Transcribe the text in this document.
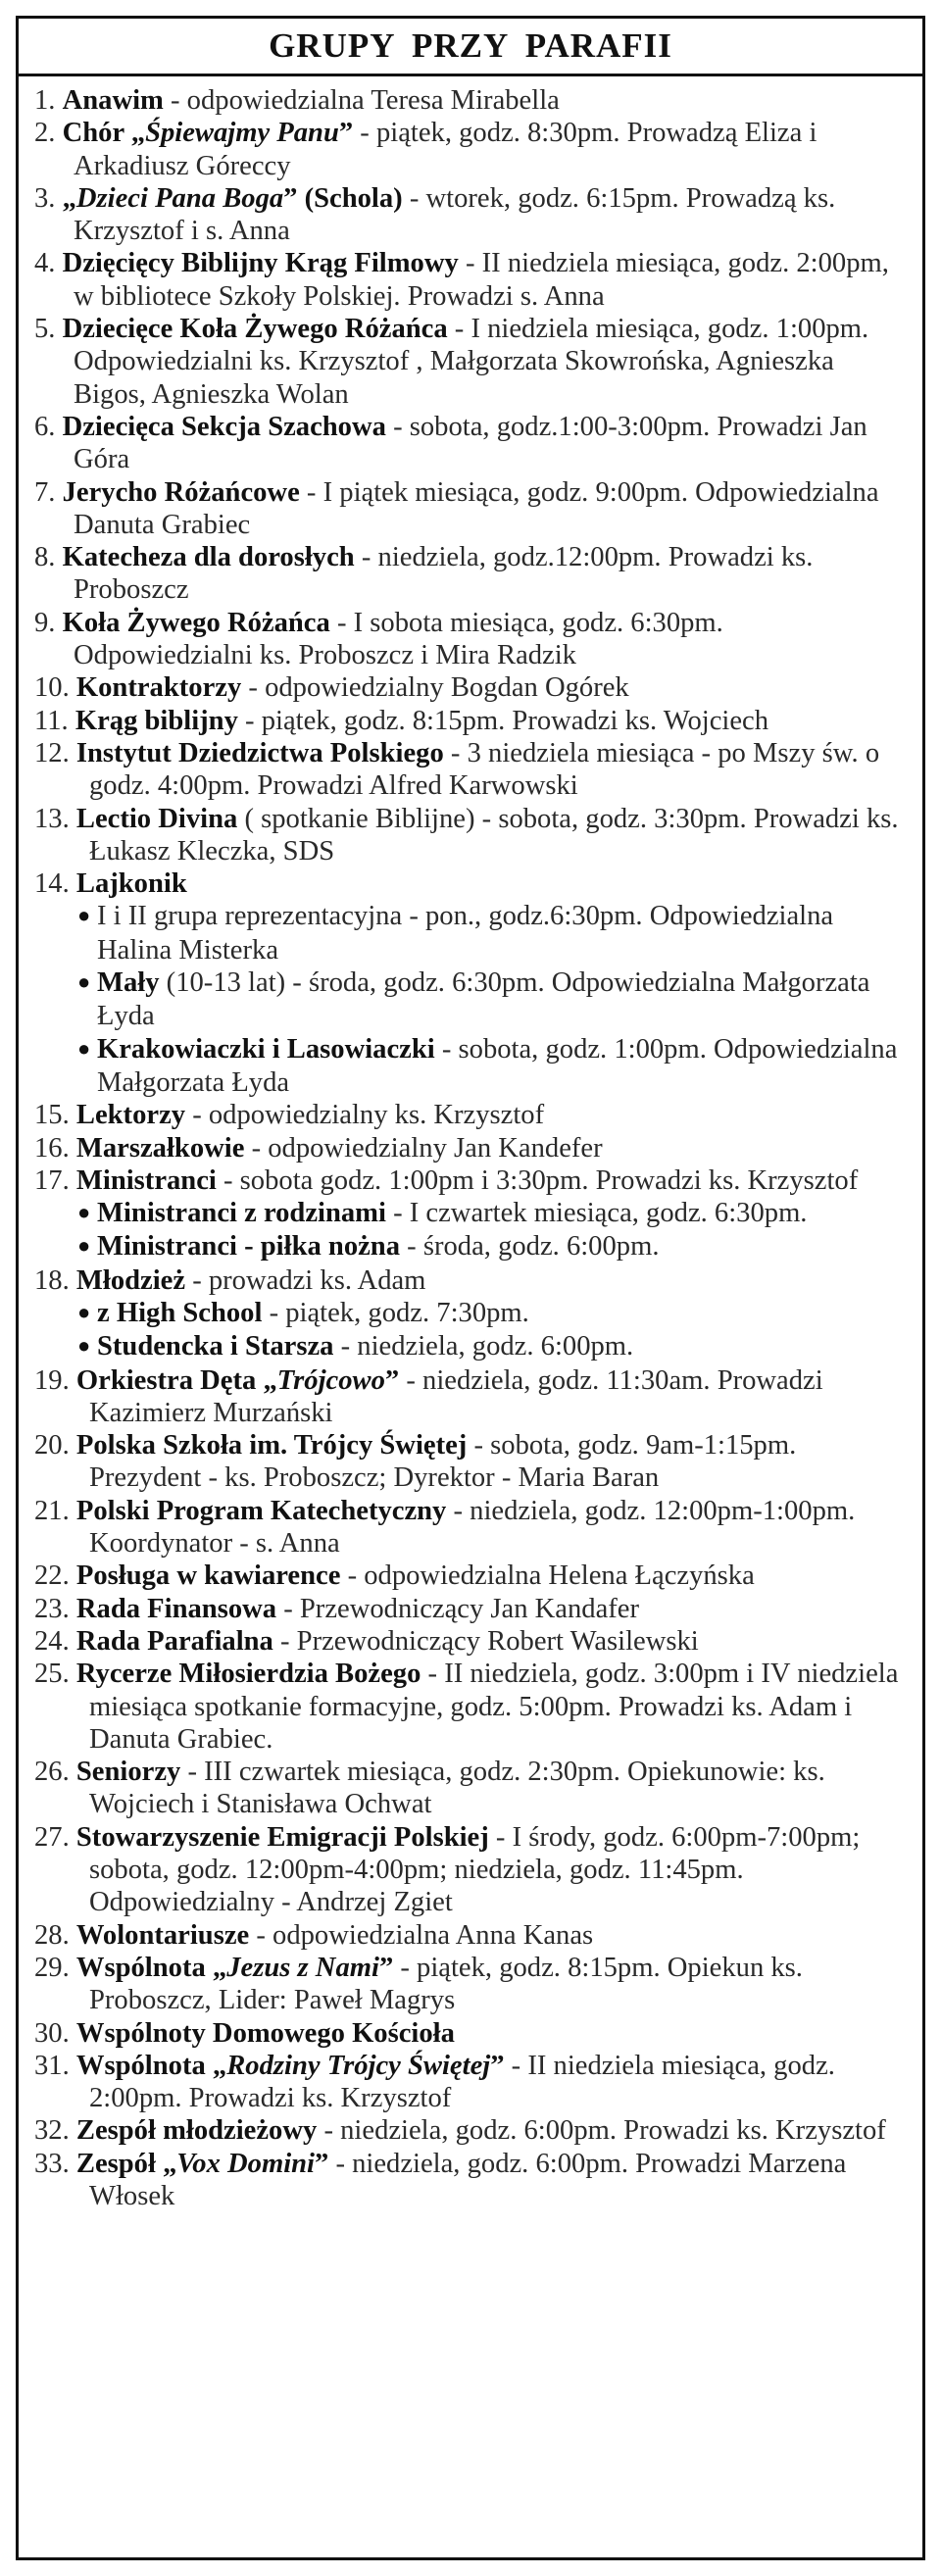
GRUPY PRZY PARAFII
1. Anawim - odpowiedzialna Teresa Mirabella
2. Chór „Śpiewajmy Panu” - piątek, godz. 8:30pm. Prowadzą Eliza i Arkadiusz Góreccy
3. „Dzieci Pana Boga” (Schola) - wtorek, godz. 6:15pm. Prowadzą ks. Krzysztof i s. Anna
4. Dzięcięcy Biblijny Krąg Filmowy - II niedziela miesiąca, godz. 2:00pm, w bibliotece Szkoły Polskiej. Prowadzi s. Anna
5. Dziecięce Koła Żywego Różańca - I niedziela miesiąca, godz. 1:00pm. Odpowiedzialni ks. Krzysztof , Małgorzata Skowrońska, Agnieszka Bigos, Agnieszka Wolan
6. Dziecięca Sekcja Szachowa - sobota, godz.1:00-3:00pm. Prowadzi Jan Góra
7. Jerycho Różańcowe - I piątek miesiąca, godz. 9:00pm. Odpowiedzialna Danuta Grabiec
8. Katecheza dla dorosłych - niedziela, godz.12:00pm. Prowadzi ks. Proboszcz
9. Koła Żywego Różańca - I sobota miesiąca, godz. 6:30pm. Odpowiedzialni ks. Proboszcz i Mira Radzik
10. Kontraktorzy - odpowiedzialny Bogdan Ogórek
11. Krąg biblijny - piątek, godz. 8:15pm. Prowadzi ks. Wojciech
12. Instytut Dziedzictwa Polskiego - 3 niedziela miesiąca - po Mszy św. o godz. 4:00pm. Prowadzi Alfred Karwowski
13. Lectio Divina ( spotkanie Biblijne) - sobota, godz. 3:30pm. Prowadzi ks. Łukasz Kleczka, SDS
14. Lajkonik
● I i II grupa reprezentacyjna - pon., godz.6:30pm. Odpowiedzialna Halina Misterka
● Mały (10-13 lat) - środa, godz. 6:30pm. Odpowiedzialna Małgorzata Łyda
● Krakowiaczki i Lasowiaczki - sobota, godz. 1:00pm. Odpowiedzialna Małgorzata Łyda
15. Lektorzy - odpowiedzialny ks. Krzysztof
16. Marszałkowie - odpowiedzialny Jan Kandefer
17. Ministranci - sobota godz. 1:00pm i 3:30pm. Prowadzi ks. Krzysztof
● Ministranci z rodzinami - I czwartek miesiąca, godz. 6:30pm.
● Ministranci - piłka nożna - środa, godz. 6:00pm.
18. Młodzież - prowadzi ks. Adam
● z High School - piątek, godz. 7:30pm.
● Studencka i Starsza - niedziela, godz. 6:00pm.
19. Orkiestra Dęta „Trójcowo” - niedziela, godz. 11:30am. Prowadzi Kazimierz Murzański
20. Polska Szkoła im. Trójcy Świętej - sobota, godz. 9am-1:15pm. Prezydent - ks. Proboszcz; Dyrektor - Maria Baran
21. Polski Program Katechetyczny - niedziela, godz. 12:00pm-1:00pm. Koordynator - s. Anna
22. Posługa w kawiarence - odpowiedzialna Helena Łączyńska
23. Rada Finansowa - Przewodniczący Jan Kandafer
24. Rada Parafialna - Przewodniczący Robert Wasilewski
25. Rycerze Miłosierdzia Bożego - II niedziela, godz. 3:00pm i IV niedziela miesiąca spotkanie formacyjne, godz. 5:00pm. Prowadzi ks. Adam i Danuta Grabiec.
26. Seniorzy - III czwartek miesiąca, godz. 2:30pm. Opiekunowie: ks. Wojciech i Stanisława Ochwat
27. Stowarzyszenie Emigracji Polskiej - I środy, godz. 6:00pm-7:00pm; sobota, godz. 12:00pm-4:00pm; niedziela, godz. 11:45pm. Odpowiedzialny - Andrzej Zgiet
28. Wolontariusze - odpowiedzialna Anna Kanas
29. Wspólnota „Jezus z Nami” - piątek, godz. 8:15pm. Opiekun ks. Proboszcz, Lider: Paweł Magrys
30. Wspólnoty Domowego Kościoła
31. Wspólnota „Rodziny Trójcy Świętej” - II niedziela miesiąca, godz. 2:00pm. Prowadzi ks. Krzysztof
32. Zespół młodzieżowy - niedziela, godz. 6:00pm. Prowadzi ks. Krzysztof
33. Zespół „Vox Domini” - niedziela, godz. 6:00pm. Prowadzi Marzena Włosek
